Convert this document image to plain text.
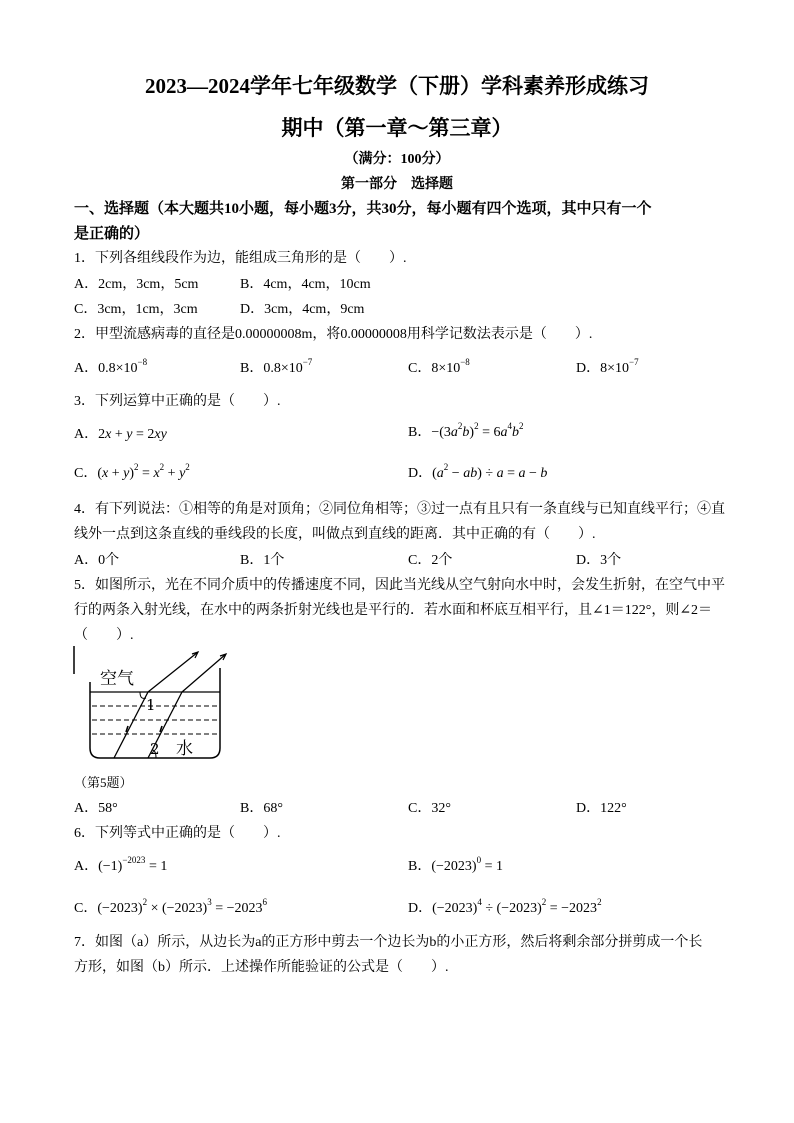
2023—2024学年七年级数学（下册）学科素养形成练习
期中（第一章～第三章）
（满分：100分）
第一部分　选择题
一、选择题（本大题共10小题，每小题3分，共30分，每小题有四个选项，其中只有一个
是正确的）
1．下列各组线段作为边，能组成三角形的是（　　）.
A．2cm，3cm，5cm	B．4cm，4cm，10cm
C．3cm，1cm，3cm	D．3cm，4cm，9cm
2．甲型流感病毒的直径是0.00000008m，将0.00000008用科学记数法表示是（　　）.
A．$0.8\times 10^{-8}$	B．$0.8\times 10^{-7}$	C．$8\times 10^{-8}$	D．$8\times 10^{-7}$
3．下列运算中正确的是（　　）.
A．2x + y = 2xy	B．$-(3a^2b)^2 = 6a^4b^2$
C．$(x + y)^2 = x^2 + y^2$	D．$(a^2 - ab) \div a = a - b$
4．有下列说法：①相等的角是对顶角；②同位角相等；③过一点有且只有一条直线与已知直线平行；④直
线外一点到这条直线的垂线段的长度，叫做点到直线的距离．其中正确的有（　　）.
A．0个	B．1个	C．2个	D．3个
5．如图所示，光在不同介质中的传播速度不同，因此当光线从空气射向水中时，会发生折射，在空气中平
行的两条入射光线，在水中的两条折射光线也是平行的．若水面和杯底互相平行，且∠1＝122°，则∠2＝
（　　）.
空气
1
2 水
（第5题）
A．58°	B．68°	C．32°	D．122°
6．下列等式中正确的是（　　）.
A．$(-1)^{-2023} = 1$	B．$(-2023)^0 = 1$
C．$(-2023)^2 \times (-2023)^3 = -2023^6$	D．$(-2023)^4 \div (-2023)^2 = -2023^2$
7．如图（a）所示，从边长为a的正方形中剪去一个边长为b的小正方形，然后将剩余部分拼剪成一个长
方形，如图（b）所示．上述操作所能验证的公式是（　　）.
